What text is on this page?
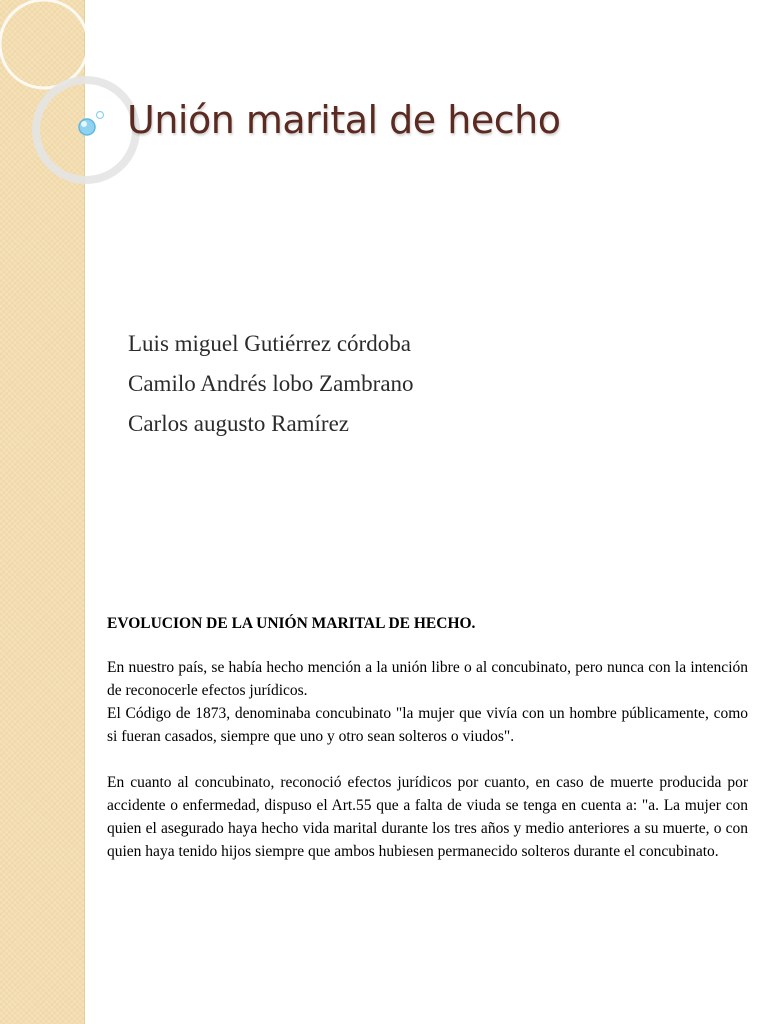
Unión marital de hecho
Luis miguel Gutiérrez córdoba
Camilo Andrés lobo Zambrano
Carlos augusto Ramírez
EVOLUCION DE LA UNIÓN MARITAL DE HECHO.

En nuestro país, se había hecho mención a la unión libre o al concubinato, pero nunca con la intención de reconocerle efectos jurídicos.

El Código de 1873, denominaba concubinato "la mujer que vivía con un hombre públicamente, como si fueran casados, siempre que uno y otro sean solteros o viudos".

En cuanto al concubinato, reconoció efectos jurídicos por cuanto, en caso de muerte producida por accidente o enfermedad, dispuso el Art.55 que a falta de viuda se tenga en cuenta a: "a. La mujer con quien el asegurado haya hecho vida marital durante los tres años y medio anteriores a su muerte, o con quien haya tenido hijos siempre que ambos hubiesen permanecido solteros durante el concubinato.
